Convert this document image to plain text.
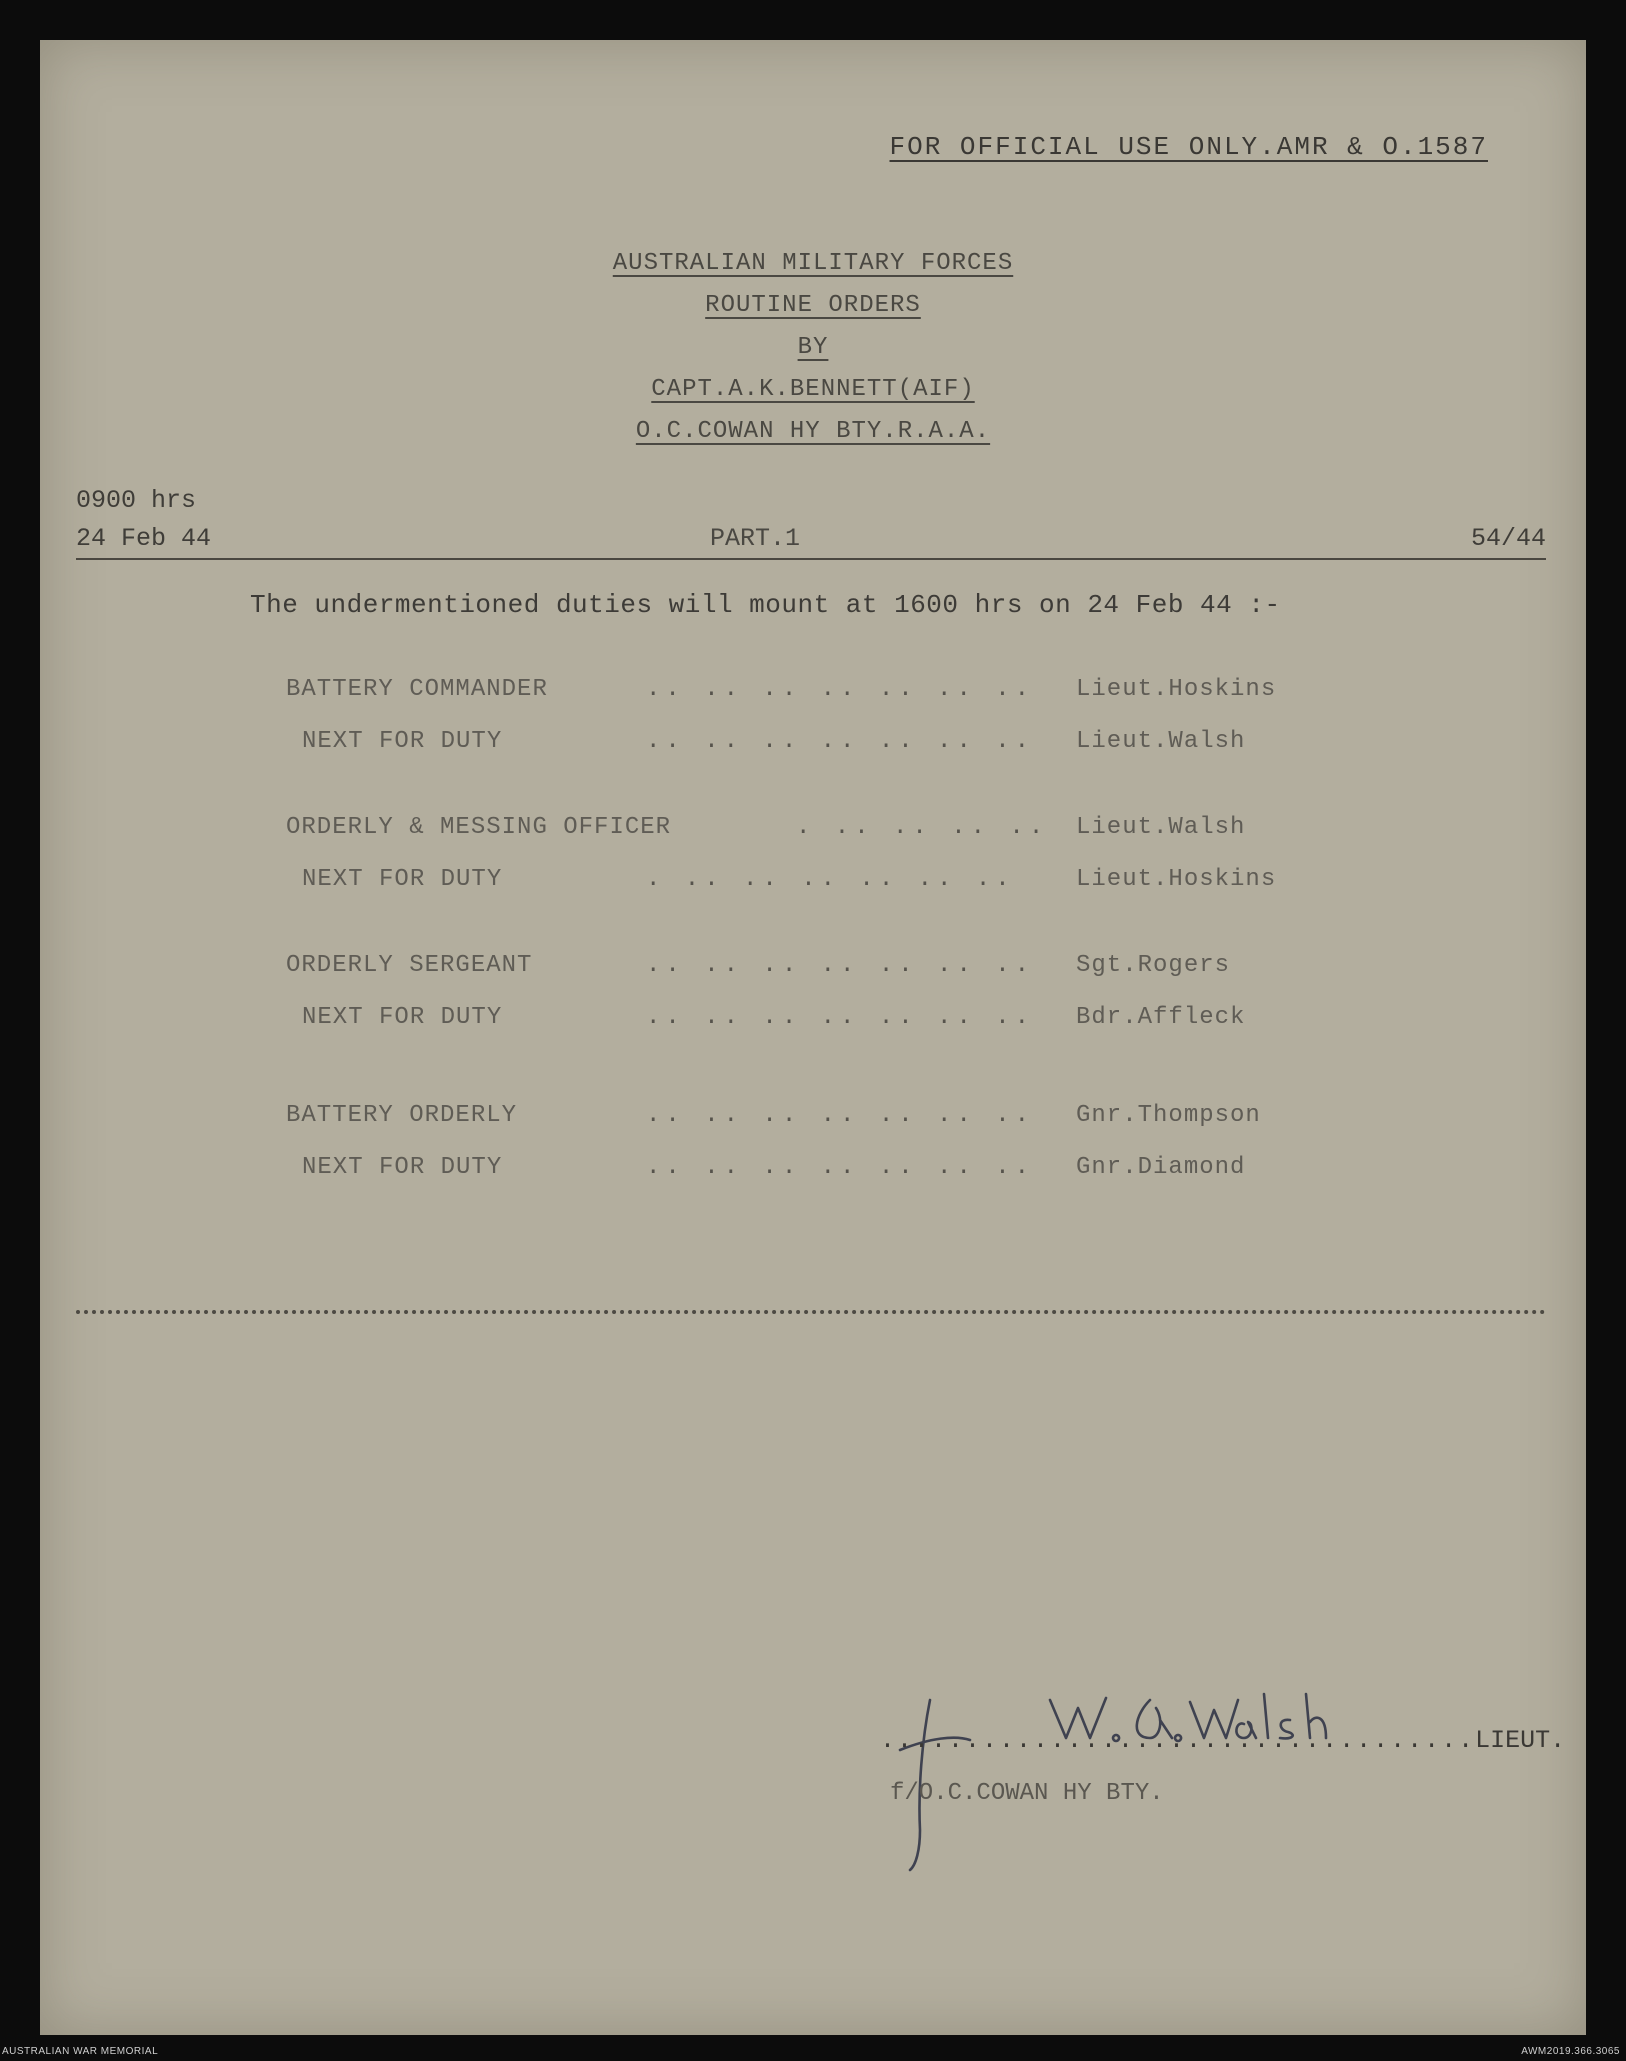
FOR OFFICIAL USE ONLY.AMR & O.1587
AUSTRALIAN MILITARY FORCES
ROUTINE ORDERS
BY
CAPT.A.K.BENNETT(AIF)
O.C.COWAN HY BTY.R.A.A.
0900 hrs
24 Feb 44	PART.1	54/44
The undermentioned duties will mount at 1600 hrs on 24 Feb 44 :-
BATTERY COMMANDER	.. .. .. .. .. .. .. Lieut.Hoskins
NEXT FOR DUTY	.. .. .. .. .. .. .. Lieut.Walsh
ORDERLY & MESSING OFFICER	. .. .. .. .. Lieut.Walsh
NEXT FOR DUTY	. .. .. .. .. .. ..	Lieut.Hoskins
ORDERLY SERGEANT	.. .. .. .. .. .. .. Sgt.Rogers
NEXT FOR DUTY	.. .. .. .. .. .. .. Bdr.Affleck
BATTERY ORDERLY	.. .. .. .. .. .. .. Gnr.Thompson
NEXT FOR DUTY	.. .. .. .. .. .. .. Gnr.Diamond
...................................LIEUT.
f/O.C.COWAN HY BTY.
AUSTRALIAN WAR MEMORIAL	AWM2019.366.3065
